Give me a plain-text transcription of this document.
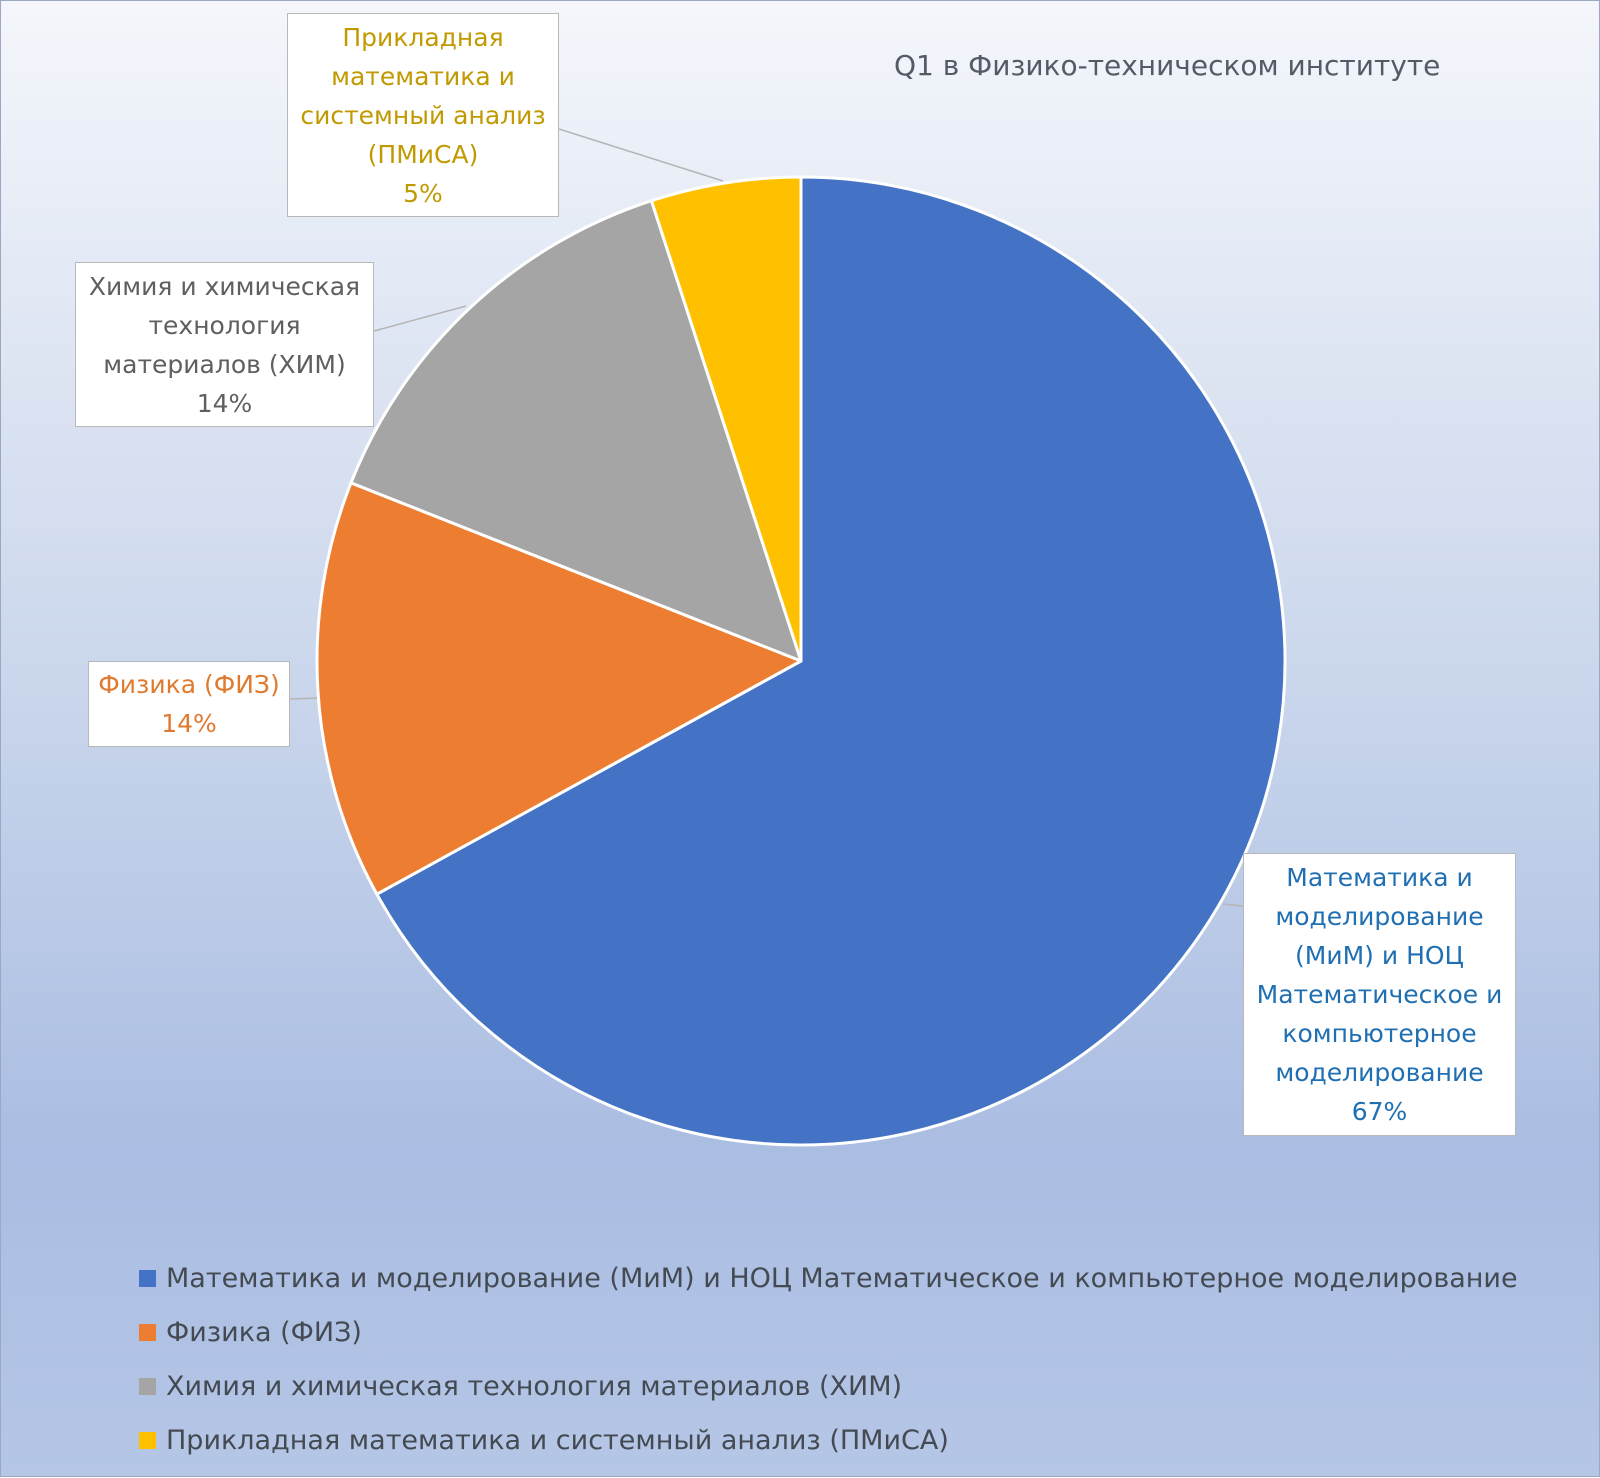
Q1 в Физико-техническом институте
Математика и
моделирование
(МиМ) и НОЦ
Математическое и
компьютерное
моделирование
67%
Физика (ФИЗ)
14%
Химия и химическая
технология
материалов (ХИМ)
14%
Прикладная
математика и
системный анализ
(ПМиСА)
5%
Математика и моделирование (МиМ) и НОЦ Математическое и компьютерное моделирование
Физика (ФИЗ)
Химия и химическая технология материалов (ХИМ)
Прикладная математика и системный анализ (ПМиСА)
